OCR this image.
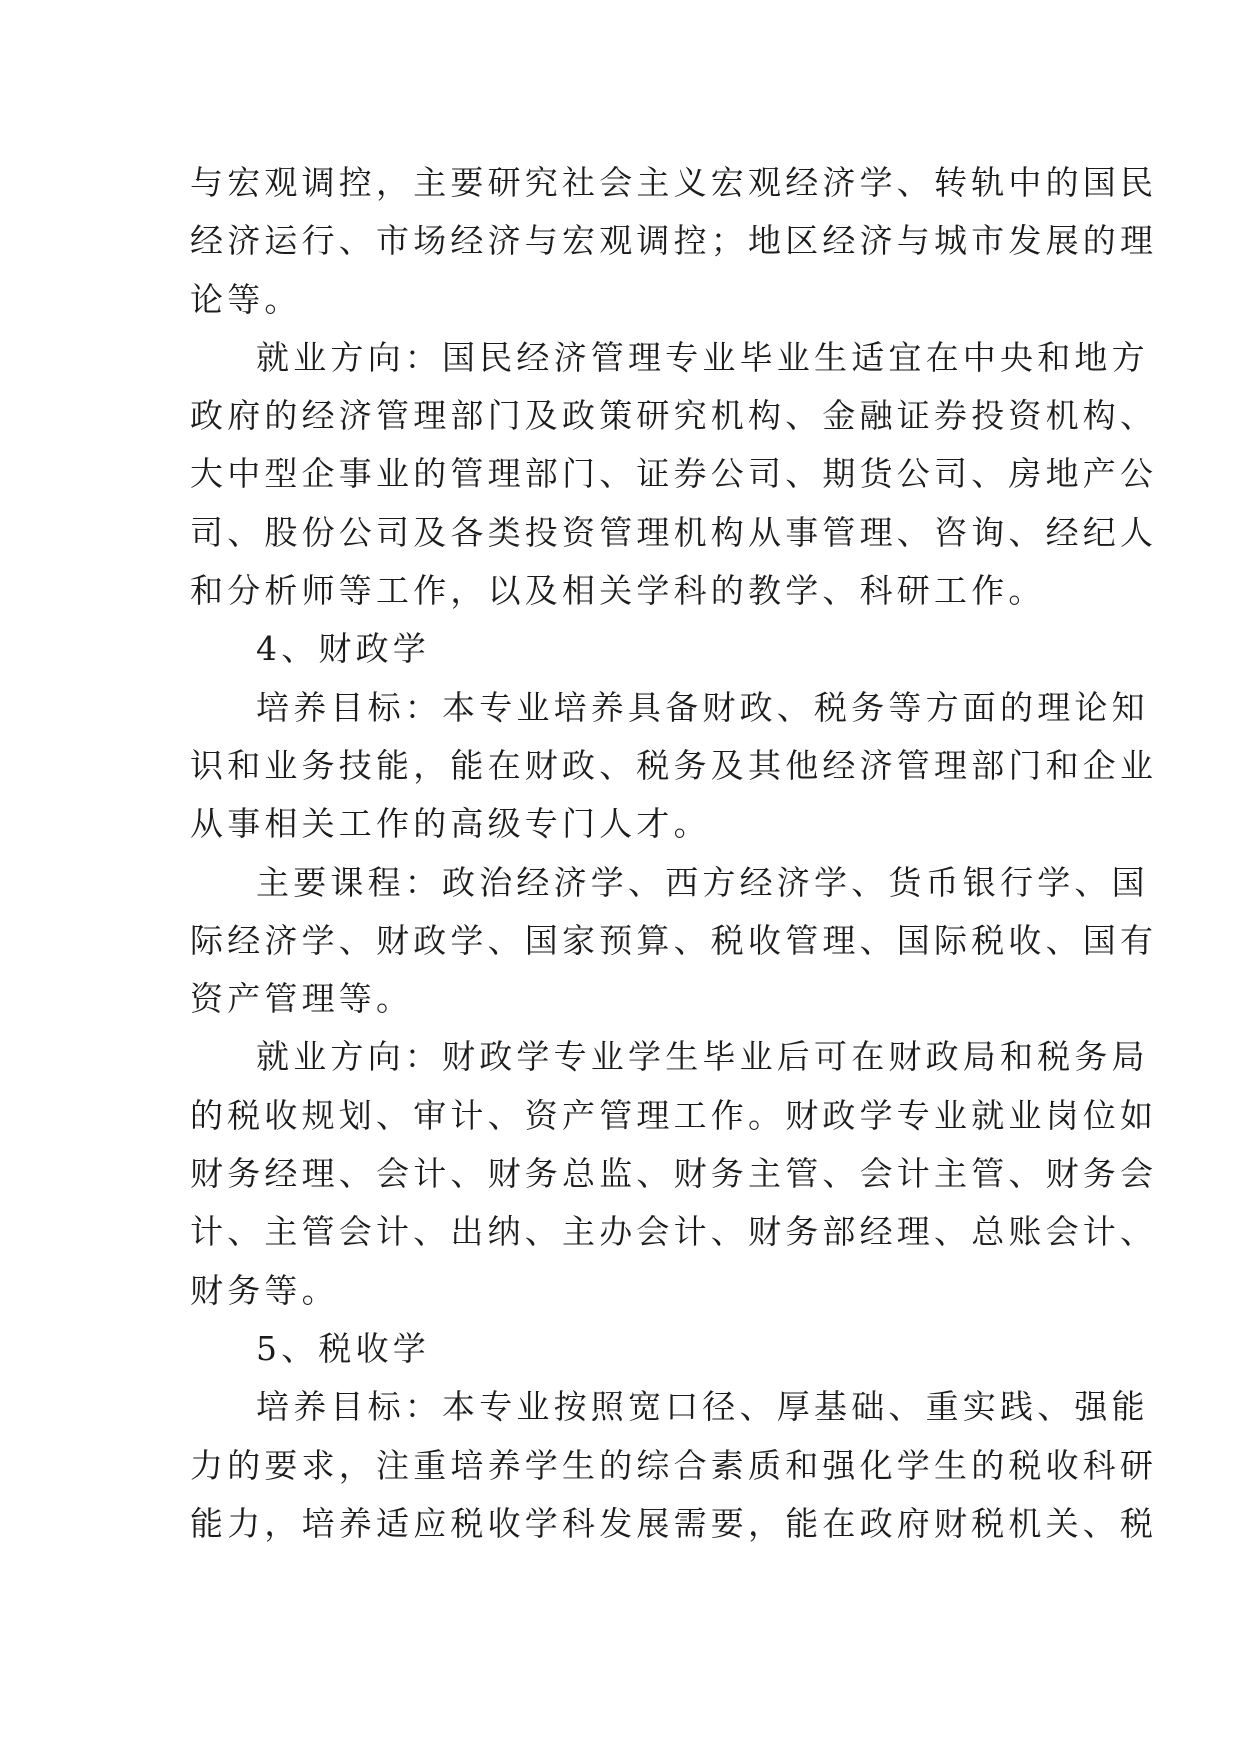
与宏观调控，主要研究社会主义宏观经济学、转轨中的国民

经济运行、市场经济与宏观调控；地区经济与城市发展的理

论等。

就业方向：国民经济管理专业毕业生适宜在中央和地方

政府的经济管理部门及政策研究机构、金融证券投资机构、

大中型企事业的管理部门、证券公司、期货公司、房地产公

司、股份公司及各类投资管理机构从事管理、咨询、经纪人

和分析师等工作，以及相关学科的教学、科研工作。

4、财政学

培养目标：本专业培养具备财政、税务等方面的理论知

识和业务技能，能在财政、税务及其他经济管理部门和企业

从事相关工作的高级专门人才。

主要课程：政治经济学、西方经济学、货币银行学、国

际经济学、财政学、国家预算、税收管理、国际税收、国有

资产管理等。

就业方向：财政学专业学生毕业后可在财政局和税务局

的税收规划、审计、资产管理工作。财政学专业就业岗位如

财务经理、会计、财务总监、财务主管、会计主管、财务会

计、主管会计、出纳、主办会计、财务部经理、总账会计、

财务等。

5、税收学

培养目标：本专业按照宽口径、厚基础、重实践、强能

力的要求，注重培养学生的综合素质和强化学生的税收科研

能力，培养适应税收学科发展需要，能在政府财税机关、税
